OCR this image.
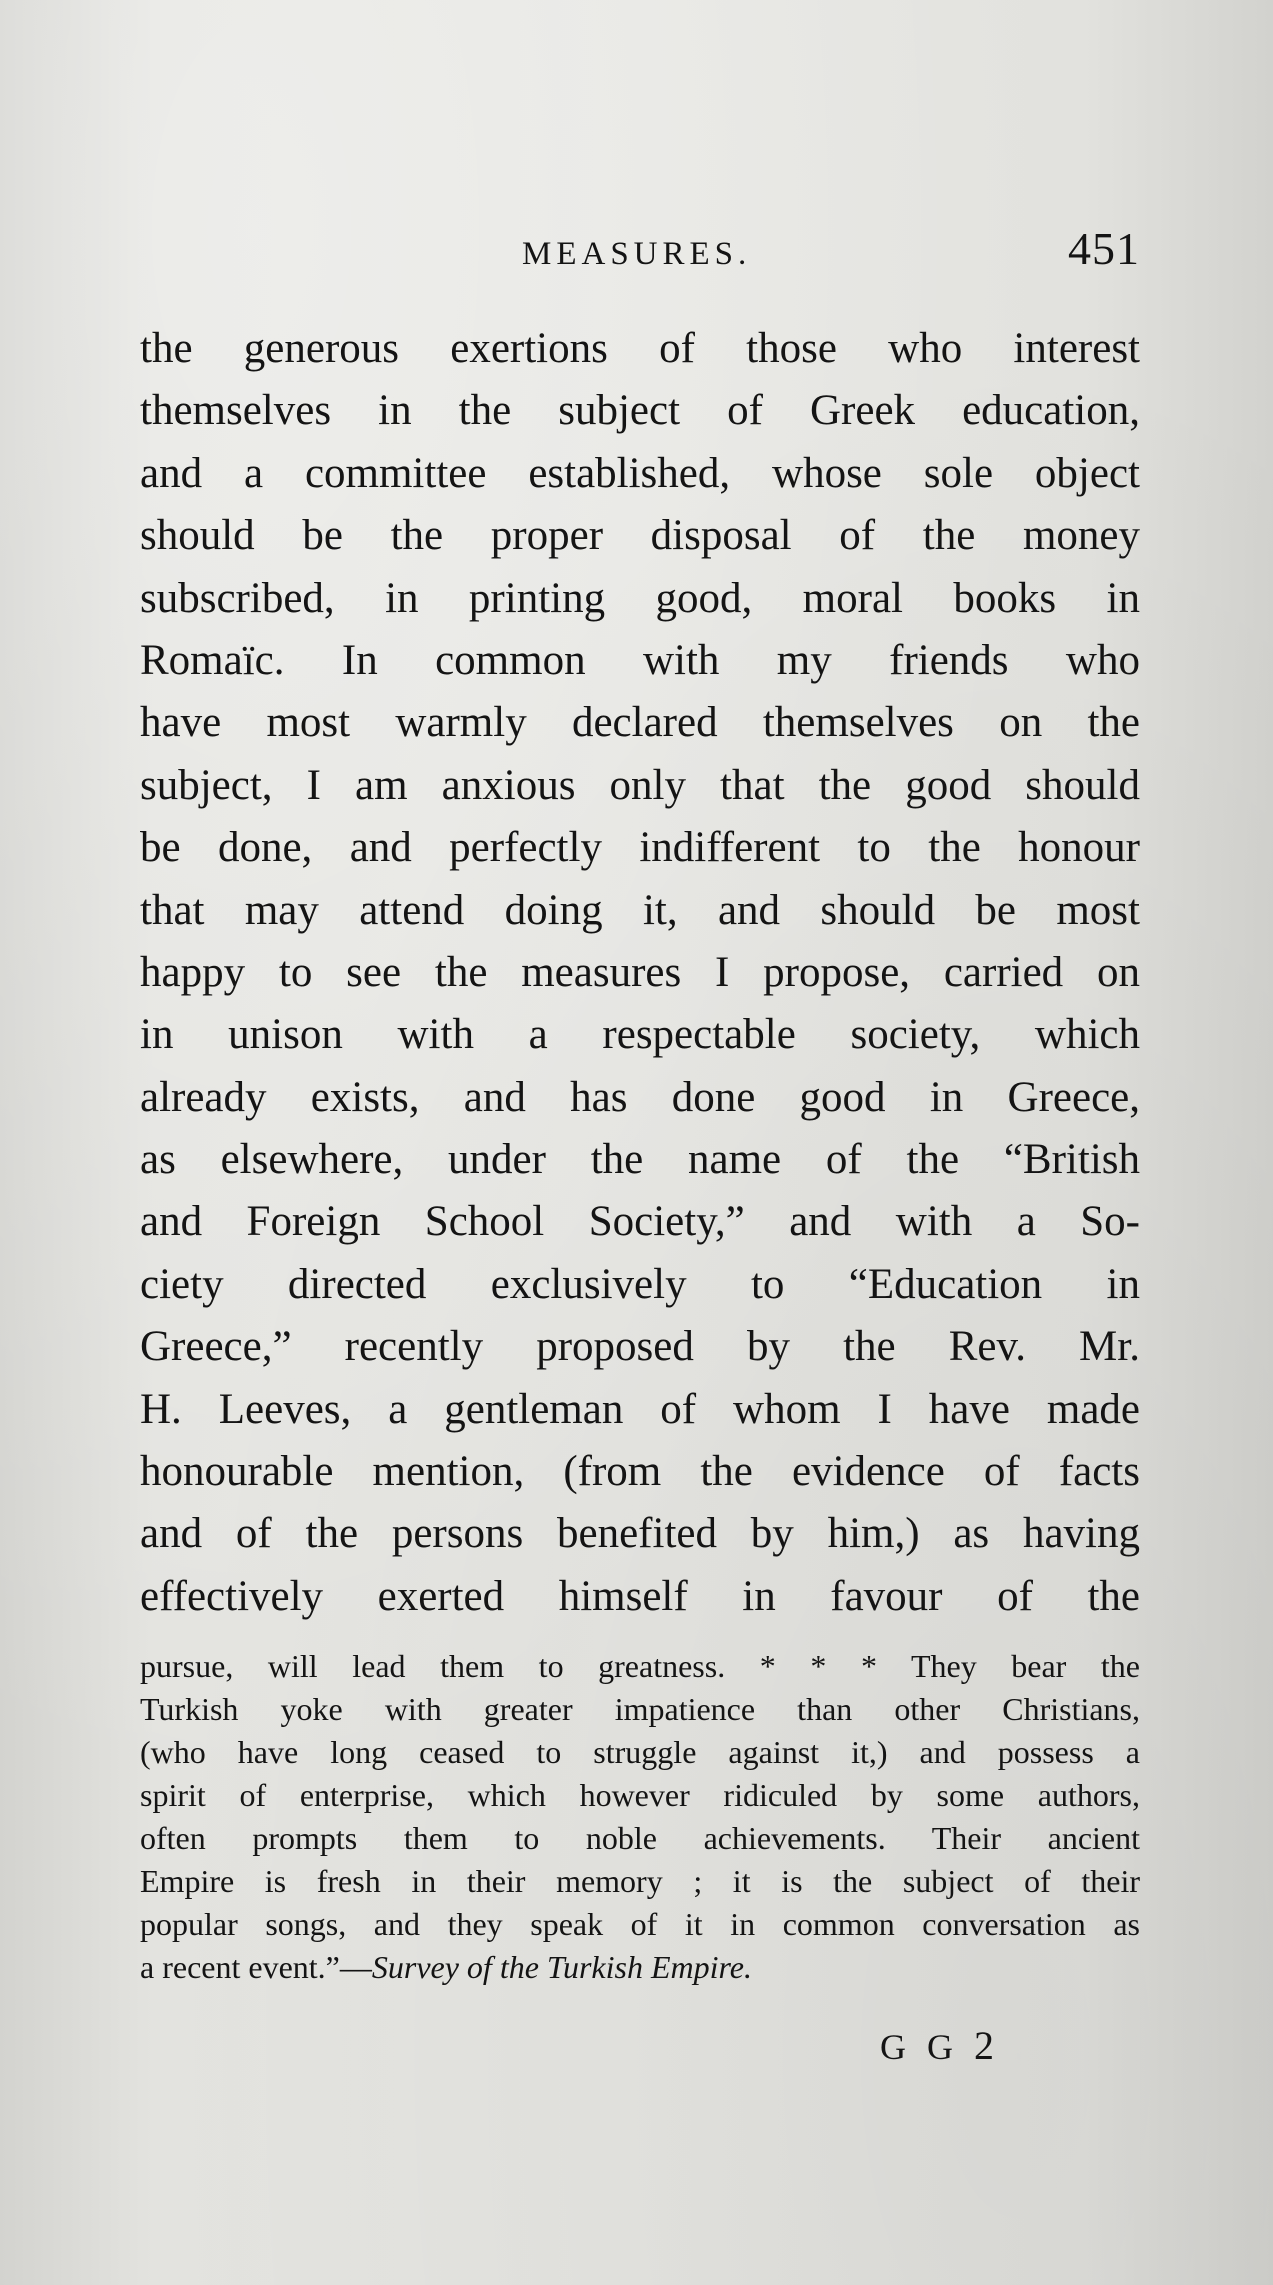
MEASURES.	451
the generous exertions of those who interest
themselves in the subject of Greek education,
and a committee established, whose sole object
should be the proper disposal of the money
subscribed, in printing good, moral books in
Romaïc. In common with my friends who
have most warmly declared themselves on the
subject, I am anxious only that the good should
be done, and perfectly indifferent to the honour
that may attend doing it, and should be most
happy to see the measures I propose, carried on
in unison with a respectable society, which
already exists, and has done good in Greece,
as elsewhere, under the name of the “British
and Foreign School Society,” and with a So-
ciety directed exclusively to “Education in
Greece,” recently proposed by the Rev. Mr.
H. Leeves, a gentleman of whom I have made
honourable mention, (from the evidence of facts
and of the persons benefited by him,) as having
effectively exerted himself in favour of the
pursue, will lead them to greatness. * * * They bear the
Turkish yoke with greater impatience than other Christians,
(who have long ceased to struggle against it,) and possess a
spirit of enterprise, which however ridiculed by some authors,
often prompts them to noble achievements. Their ancient
Empire is fresh in their memory ; it is the subject of their
popular songs, and they speak of it in common conversation as
a recent event.”—Survey of the Turkish Empire.
G G 2
